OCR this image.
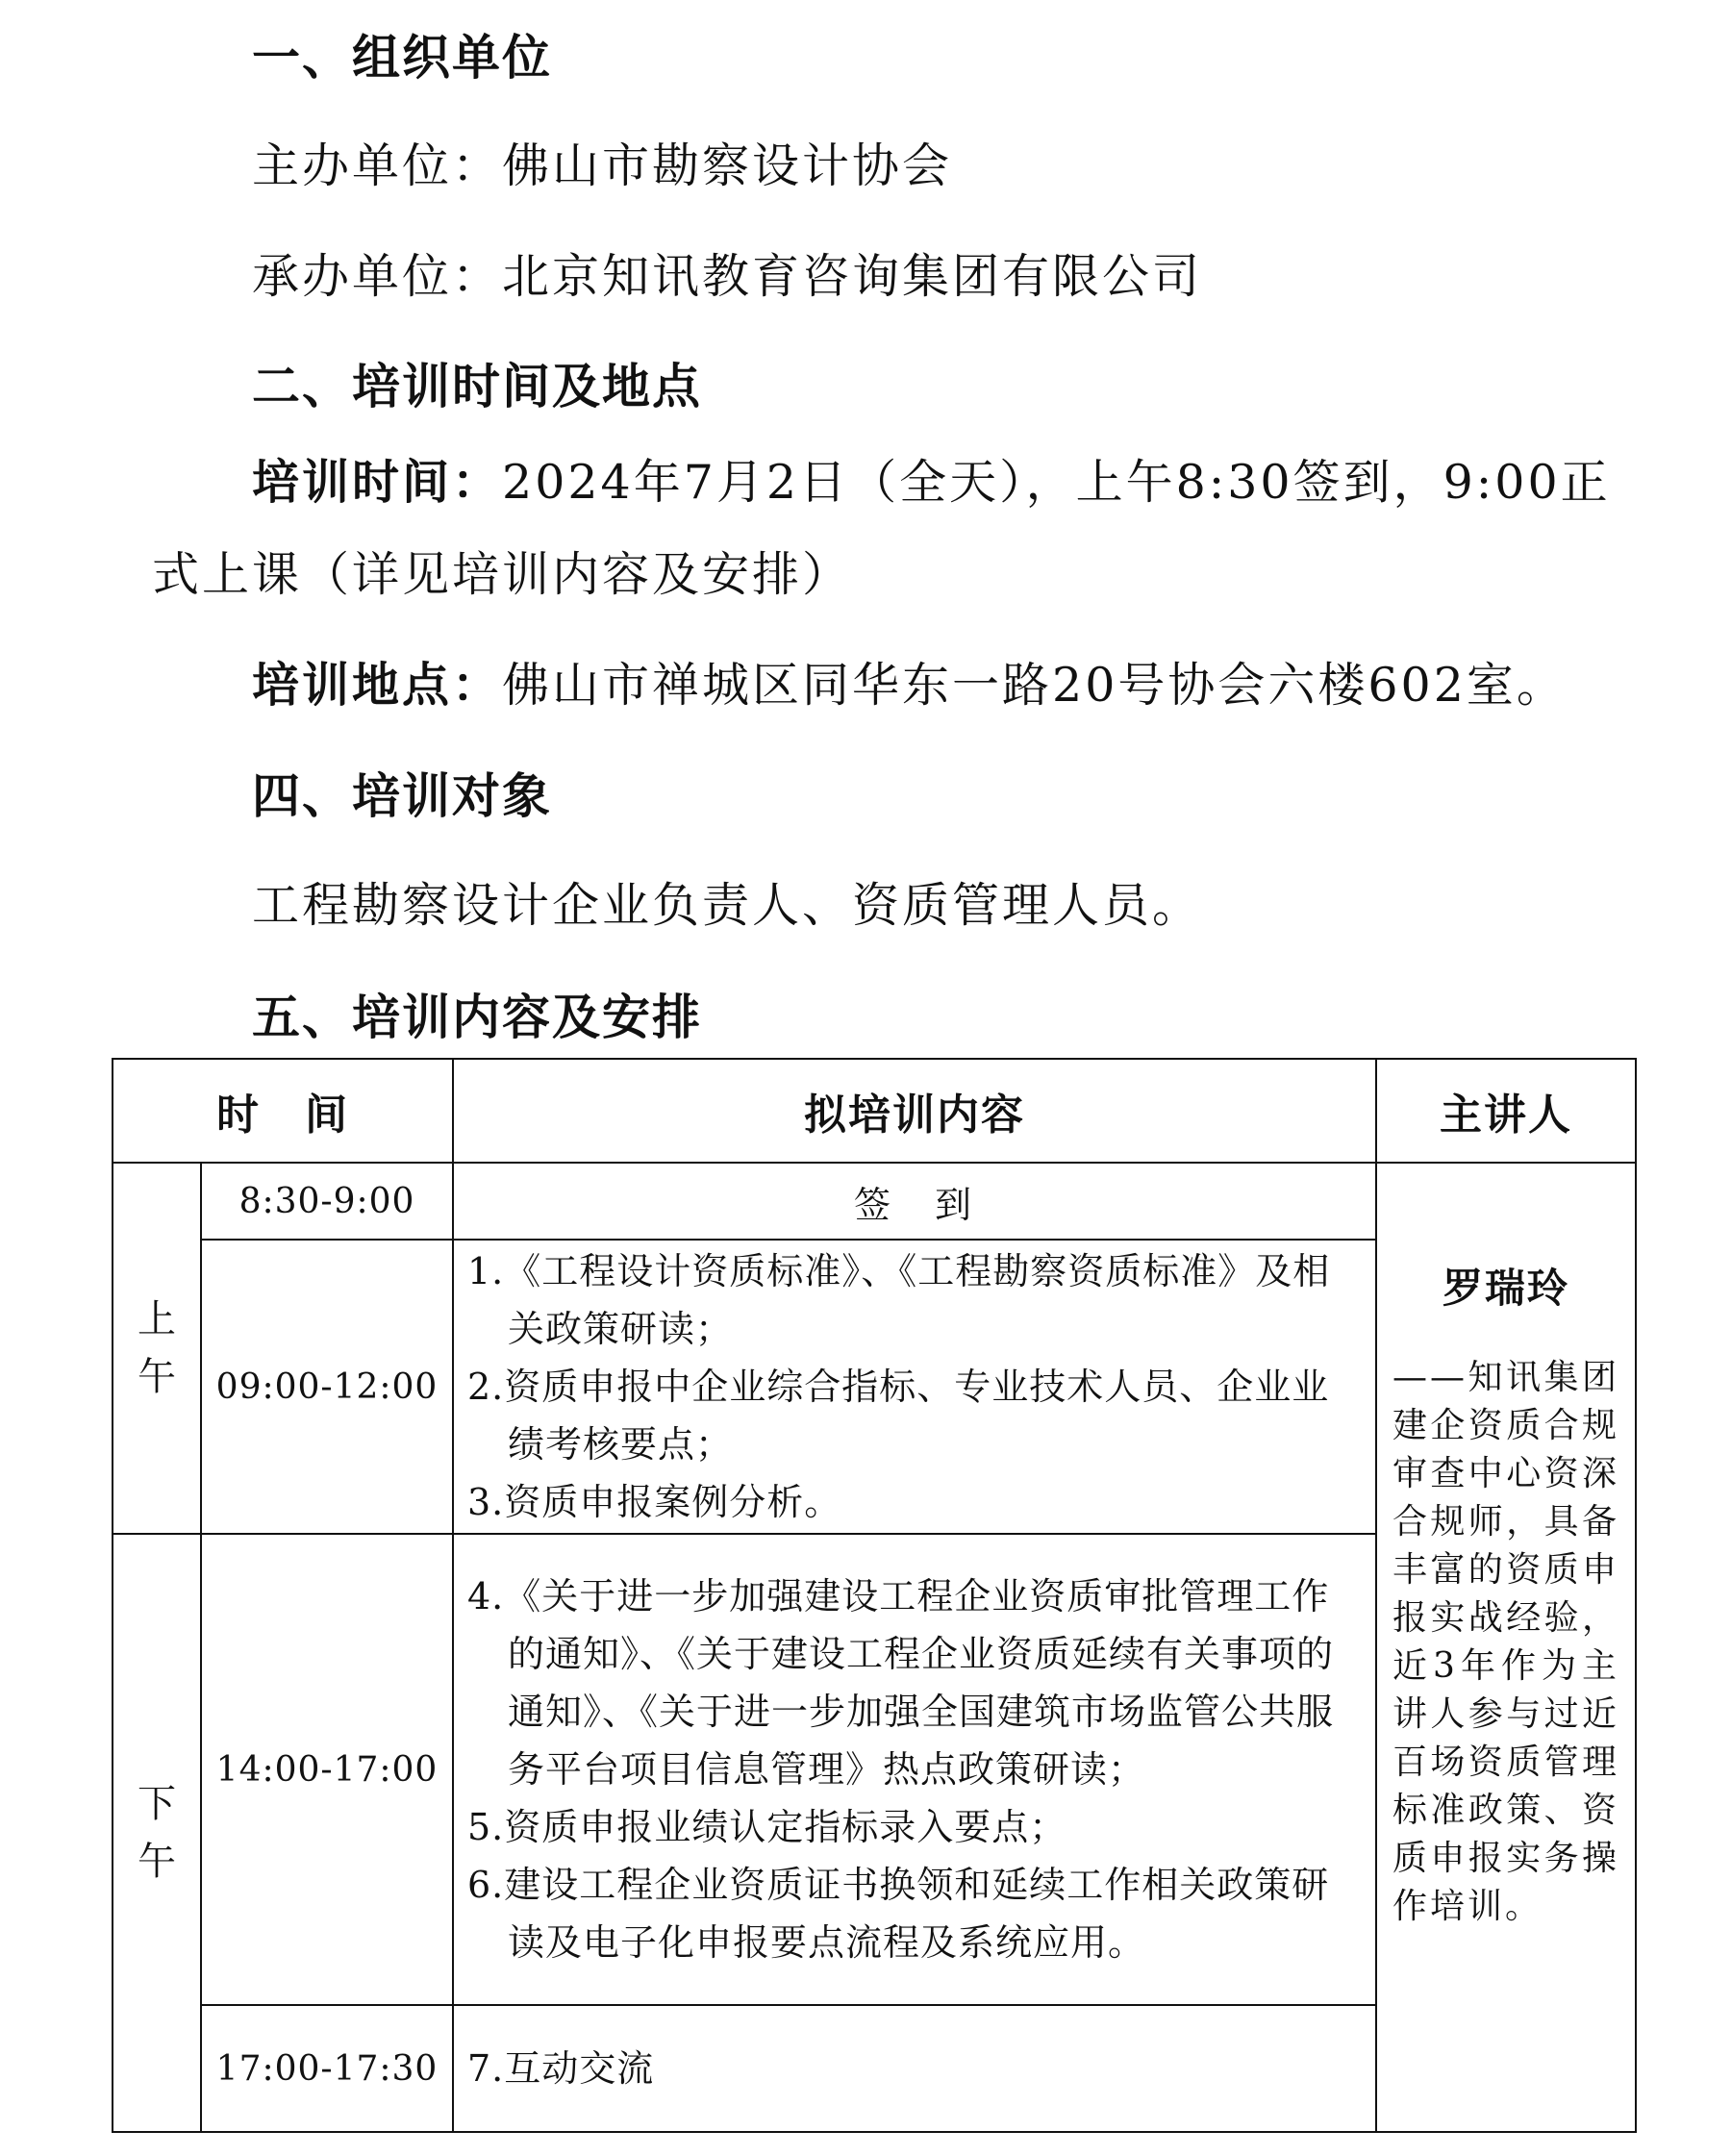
一、组织单位
主办单位：佛山市勘察设计协会
承办单位：北京知讯教育咨询集团有限公司
二、培训时间及地点
培训时间：2024年7月2日（全天），上午8:30签到，9:00正
式上课（详见培训内容及安排）
培训地点：佛山市禅城区同华东一路20号协会六楼602室。
四、培训对象
工程勘察设计企业负责人、资质管理人员。
五、培训内容及安排
时　间		拟培训内容	主讲人
上午	8:30-9:00	签　到	罗瑞玲
——知讯集团建企资质合规审查中心资深合规师，具备丰富的资质申报实战经验，近3年作为主讲人参与过近百场资质管理标准政策、资质申报实务操作培训。

	09:00-12:00	1.《工程设计资质标准》、《工程勘察资质标准》及相关政策研读；
2.资质申报中企业综合指标、专业技术人员、企业业绩考核要点；
3.资质申报案例分析。	

下午	14:00-17:00	4.《关于进一步加强建设工程企业资质审批管理工作的通知》、《关于建设工程企业资质延续有关事项的通知》、《关于进一步加强全国建筑市场监管公共服务平台项目信息管理》热点政策研读；
5.资质申报业绩认定指标录入要点；
6.建设工程企业资质证书换领和延续工作相关政策研读及电子化申报要点流程及系统应用。	

	17:00-17:30	7.互动交流	
